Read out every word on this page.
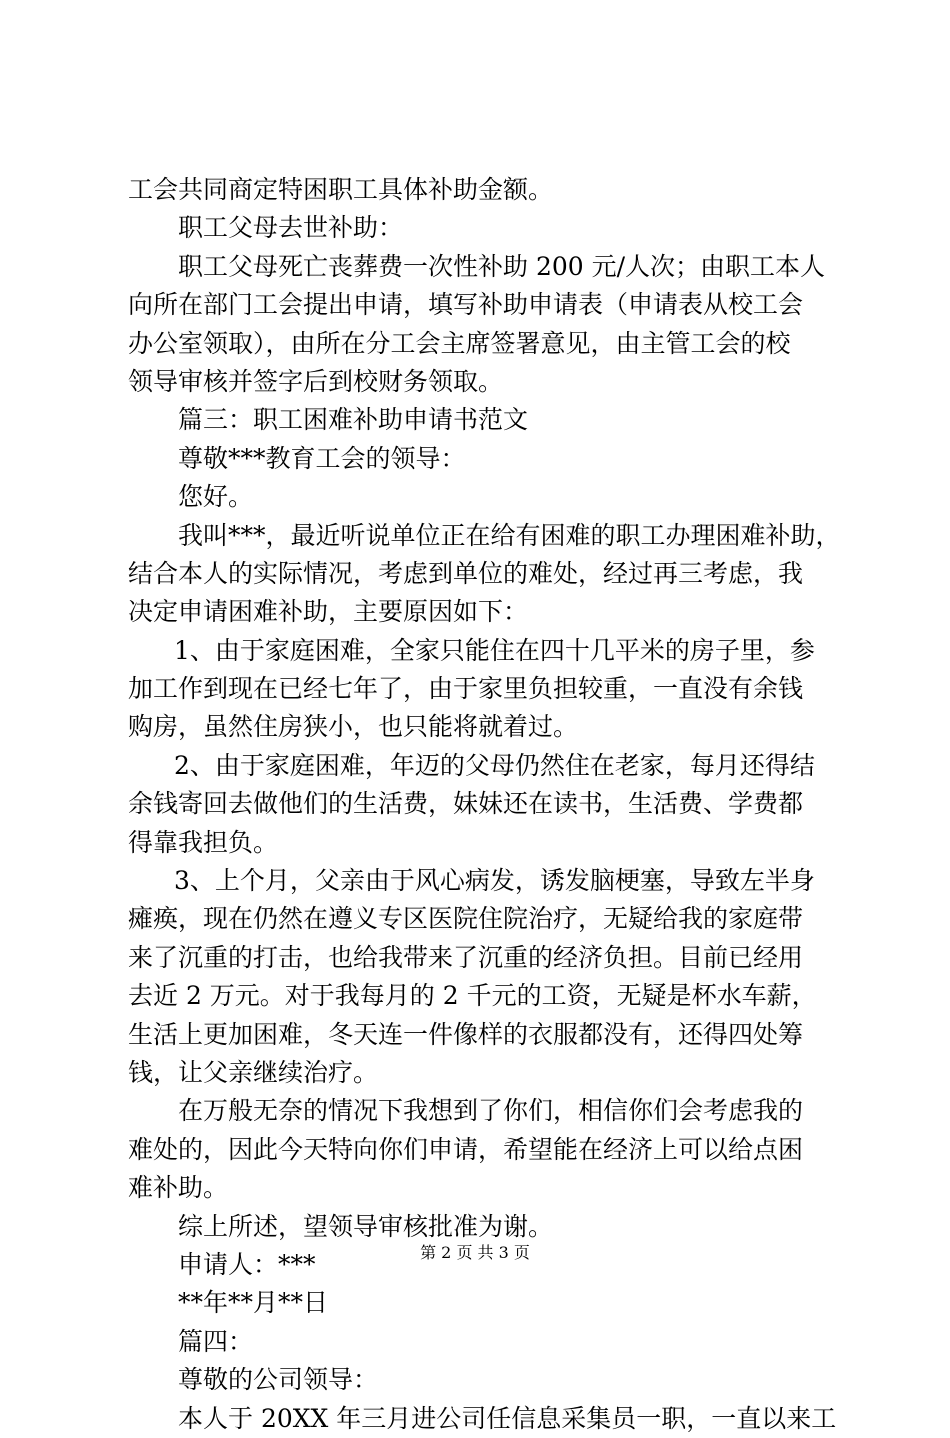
工会共同商定特困职工具体补助金额。
职工父母去世补助：
职工父母死亡丧葬费一次性补助 200 元/人次；由职工本人
向所在部门工会提出申请，填写补助申请表（申请表从校工会
办公室领取），由所在分工会主席签署意见，由主管工会的校
领导审核并签字后到校财务领取。
篇三：职工困难补助申请书范文
尊敬***教育工会的领导：
您好。
我叫***，最近听说单位正在给有困难的职工办理困难补助，
结合本人的实际情况，考虑到单位的难处，经过再三考虑，我
决定申请困难补助，主要原因如下：
1、由于家庭困难，全家只能住在四十几平米的房子里，参
加工作到现在已经七年了，由于家里负担较重，一直没有余钱
购房，虽然住房狭小，也只能将就着过。
2、由于家庭困难，年迈的父母仍然住在老家，每月还得结
余钱寄回去做他们的生活费，妹妹还在读书，生活费、学费都
得靠我担负。
3、上个月，父亲由于风心病发，诱发脑梗塞，导致左半身
瘫痪，现在仍然在遵义专区医院住院治疗，无疑给我的家庭带
来了沉重的打击，也给我带来了沉重的经济负担。目前已经用
去近 2 万元。对于我每月的 2 千元的工资，无疑是杯水车薪，
生活上更加困难，冬天连一件像样的衣服都没有，还得四处筹
钱，让父亲继续治疗。
在万般无奈的情况下我想到了你们，相信你们会考虑我的
难处的，因此今天特向你们申请，希望能在经济上可以给点困
难补助。
综上所述，望领导审核批准为谢。
申请人：***
**年**月**日
篇四：
尊敬的公司领导：
本人于 20XX 年三月进公司任信息采集员一职，一直以来工
第 2 页 共 3 页
